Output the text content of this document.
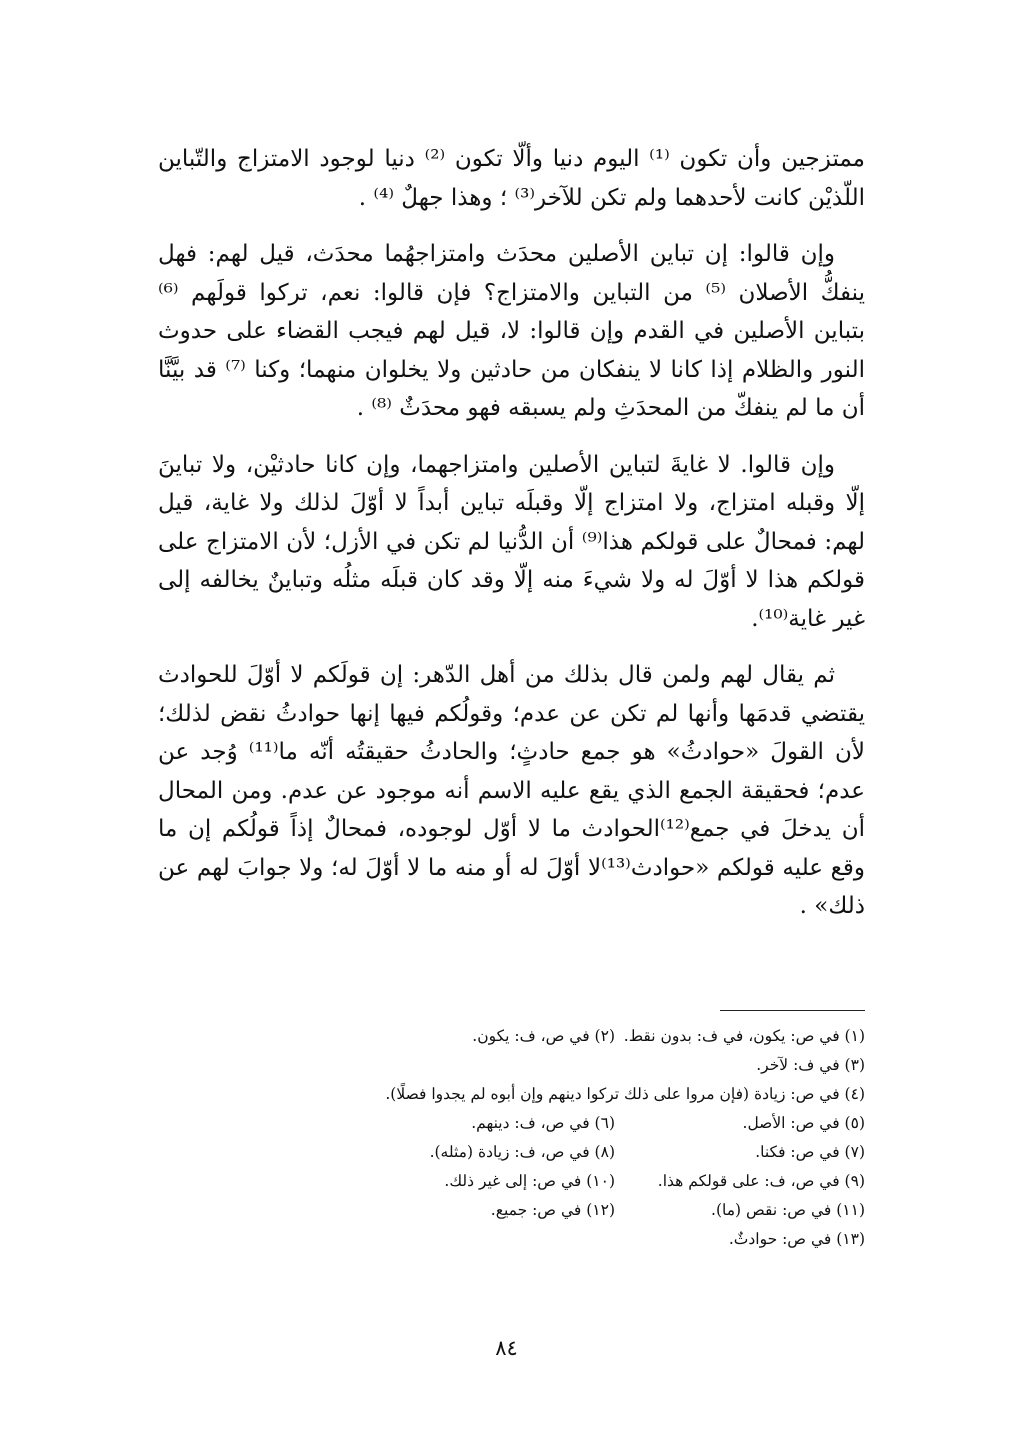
ممتزجين وأن تكون ⁽¹⁾ اليوم دنيا وألّا تكون ⁽²⁾ دنيا لوجود الامتزاج والتّباين اللّذيْن كانت لأحدهما ولم تكن للآخر⁽³⁾ ؛ وهذا جهلٌ ⁽⁴⁾ .

وإن قالوا: إن تباين الأصلين محدَث وامتزاجهُما محدَث، قيل لهم: فهل ينفكُّ الأصلان ⁽⁵⁾ من التباين والامتزاج؟ فإن قالوا: نعم، تركوا قولَهم ⁽⁶⁾ بتباين الأصلين في القدم وإن قالوا: لا، قيل لهم فيجب القضاء على حدوث النور والظلام إذا كانا لا ينفكان من حادثين ولا يخلوان منهما؛ وكنا ⁽⁷⁾ قد بيَّنَّا أن ما لم ينفكّ من المحدَثِ ولم يسبقه فهو محدَثٌ ⁽⁸⁾ .

وإن قالوا. لا غايةَ لتباين الأصلين وامتزاجهما، وإن كانا حادثيْن، ولا تباينَ إلّا وقبله امتزاج، ولا امتزاج إلّا وقبلَه تباين أبداً لا أوّلَ لذلك ولا غاية، قيل لهم: فمحالٌ على قولكم هذا⁽⁹⁾ أن الدُّنيا لم تكن في الأزل؛ لأن الامتزاج على قولكم هذا لا أوّلَ له ولا شيءَ منه إلّا وقد كان قبلَه مثلُه وتباينٌ يخالفه إلى غير غاية⁽¹⁰⁾.

ثم يقال لهم ولمن قال بذلك من أهل الدّهر: إن قولَكم لا أوّلَ للحوادث يقتضي قدمَها وأنها لم تكن عن عدم؛ وقولُكم فيها إنها حوادثُ نقض لذلك؛ لأن القولَ «حوادثُ» هو جمع حادثٍ؛ والحادثُ حقيقتُه أنّه ما⁽¹¹⁾ وُجد عن عدم؛ فحقيقة الجمع الذي يقع عليه الاسم أنه موجود عن عدم. ومن المحال أن يدخلَ في جمع⁽¹²⁾الحوادث ما لا أوّل لوجوده، فمحالٌ إذاً قولُكم إن ما وقع عليه قولكم «حوادث⁽¹³⁾لا أوّلَ له أو منه ما لا أوّلَ له؛ ولا جوابَ لهم عن ذلك» .

(١) في ص: يكون، في ف: بدون نقط.
(٢) في ص، ف: يكون.
(٣) في ف: لآخر.
(٤) في ص: زيادة (فإن مروا على ذلك تركوا دينهم وإن أبوه لم يجدوا فصلًا).
(٥) في ص: الأصل.
(٦) في ص، ف: دينهم.
(٧) في ص: فكنا.
(٨) في ص، ف: زيادة (مثله).
(٩) في ص، ف: على قولكم هذا.
(١٠) في ص: إلى غير ذلك.
(١١) في ص: نقص (ما).
(١٢) في ص: جميع.
(١٣) في ص: حوادثٌ.
٨٤
